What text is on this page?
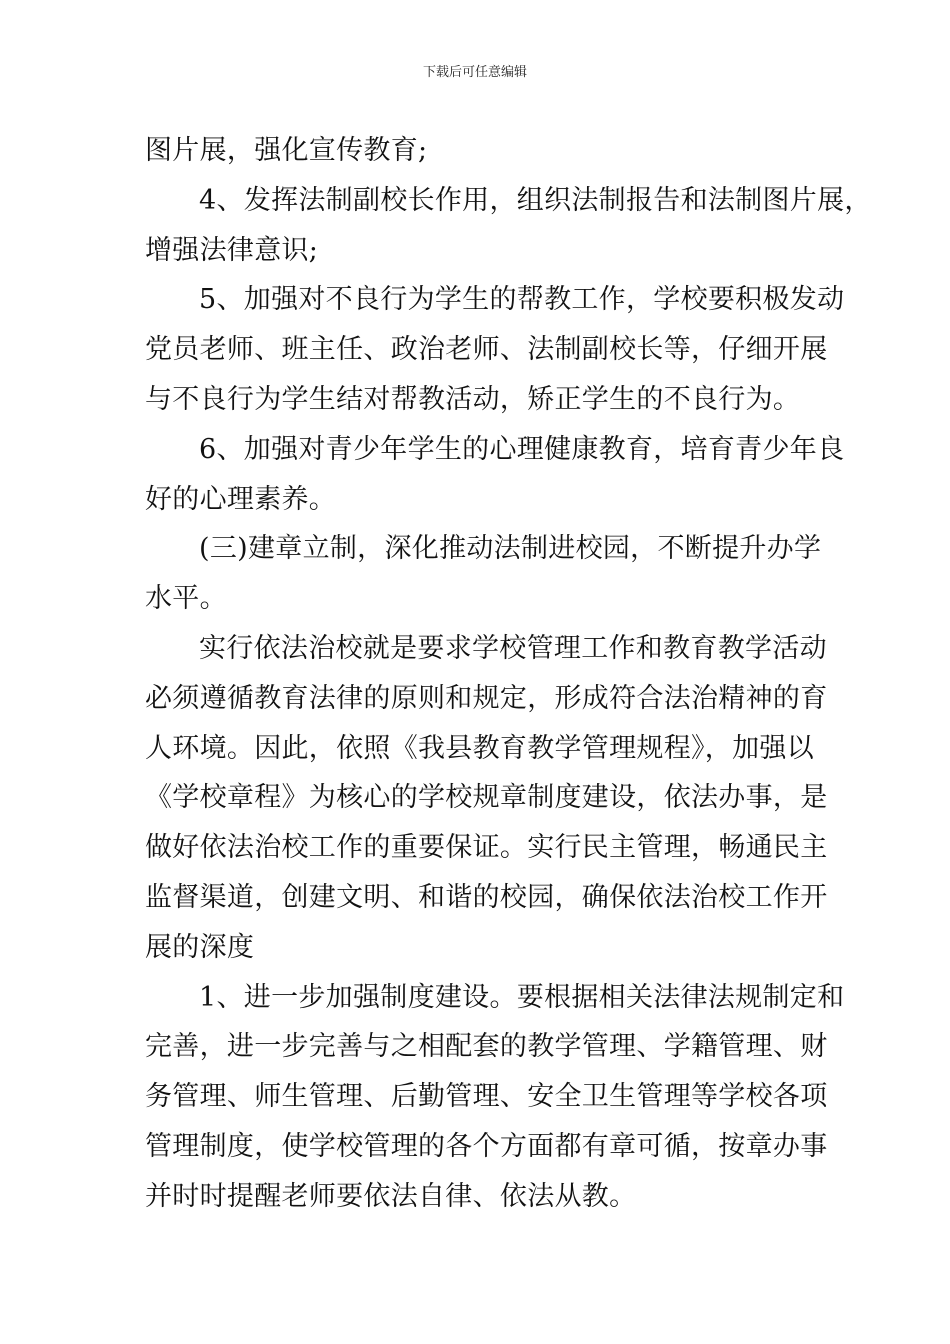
下载后可任意编辑
图片展，强化宣传教育;
4、发挥法制副校长作用，组织法制报告和法制图片展，
增强法律意识;
5、加强对不良行为学生的帮教工作，学校要积极发动
党员老师、班主任、政治老师、法制副校长等，仔细开展
与不良行为学生结对帮教活动，矫正学生的不良行为。
6、加强对青少年学生的心理健康教育，培育青少年良
好的心理素养。
(三)建章立制，深化推动法制进校园，不断提升办学
水平。
实行依法治校就是要求学校管理工作和教育教学活动
必须遵循教育法律的原则和规定，形成符合法治精神的育
人环境。因此，依照《我县教育教学管理规程》，加强以
《学校章程》为核心的学校规章制度建设，依法办事，是
做好依法治校工作的重要保证。实行民主管理，畅通民主
监督渠道，创建文明、和谐的校园，确保依法治校工作开
展的深度
1、进一步加强制度建设。要根据相关法律法规制定和
完善，进一步完善与之相配套的教学管理、学籍管理、财
务管理、师生管理、后勤管理、安全卫生管理等学校各项
管理制度，使学校管理的各个方面都有章可循，按章办事
并时时提醒老师要依法自律、依法从教。
